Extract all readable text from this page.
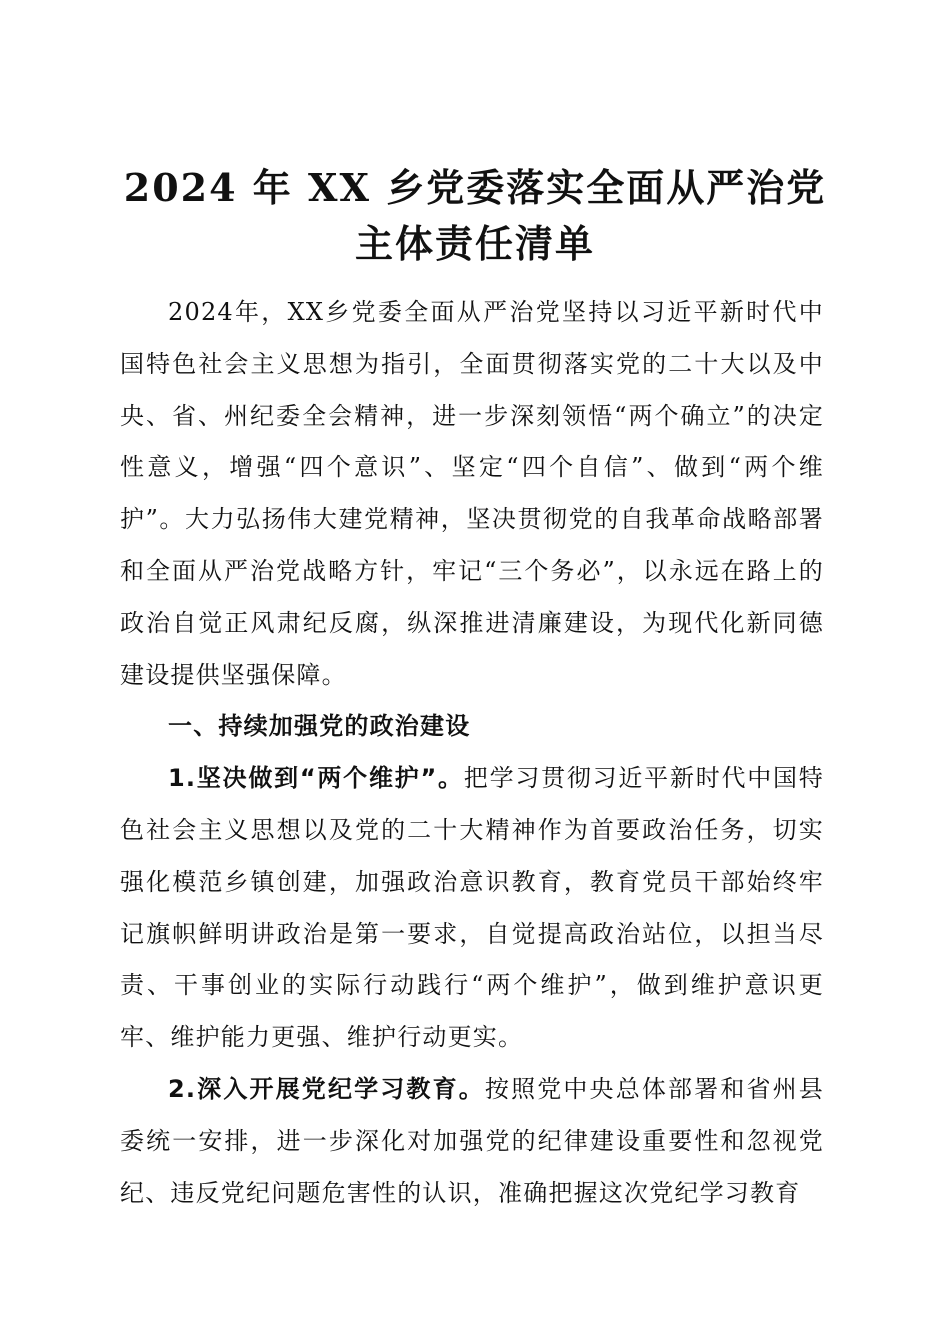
2024 年 XX 乡党委落实全面从严治党
主体责任清单

2024年，XX乡党委全面从严治党坚持以习近平新时代中国特色社会主义思想为指引，全面贯彻落实党的二十大以及中央、省、州纪委全会精神，进一步深刻领悟“两个确立”的决定性意义，增强“四个意识”、坚定“四个自信”、做到“两个维护”。大力弘扬伟大建党精神，坚决贯彻党的自我革命战略部署和全面从严治党战略方针，牢记“三个务必”，以永远在路上的政治自觉正风肃纪反腐，纵深推进清廉建设，为现代化新同德建设提供坚强保障。

一、持续加强党的政治建设

1.坚决做到“两个维护”。把学习贯彻习近平新时代中国特色社会主义思想以及党的二十大精神作为首要政治任务，切实强化模范乡镇创建，加强政治意识教育，教育党员干部始终牢记旗帜鲜明讲政治是第一要求，自觉提高政治站位，以担当尽责、干事创业的实际行动践行“两个维护”，做到维护意识更牢、维护能力更强、维护行动更实。

2.深入开展党纪学习教育。按照党中央总体部署和省州县委统一安排，进一步深化对加强党的纪律建设重要性和忽视党纪、违反党纪问题危害性的认识，准确把握这次党纪学习教育
